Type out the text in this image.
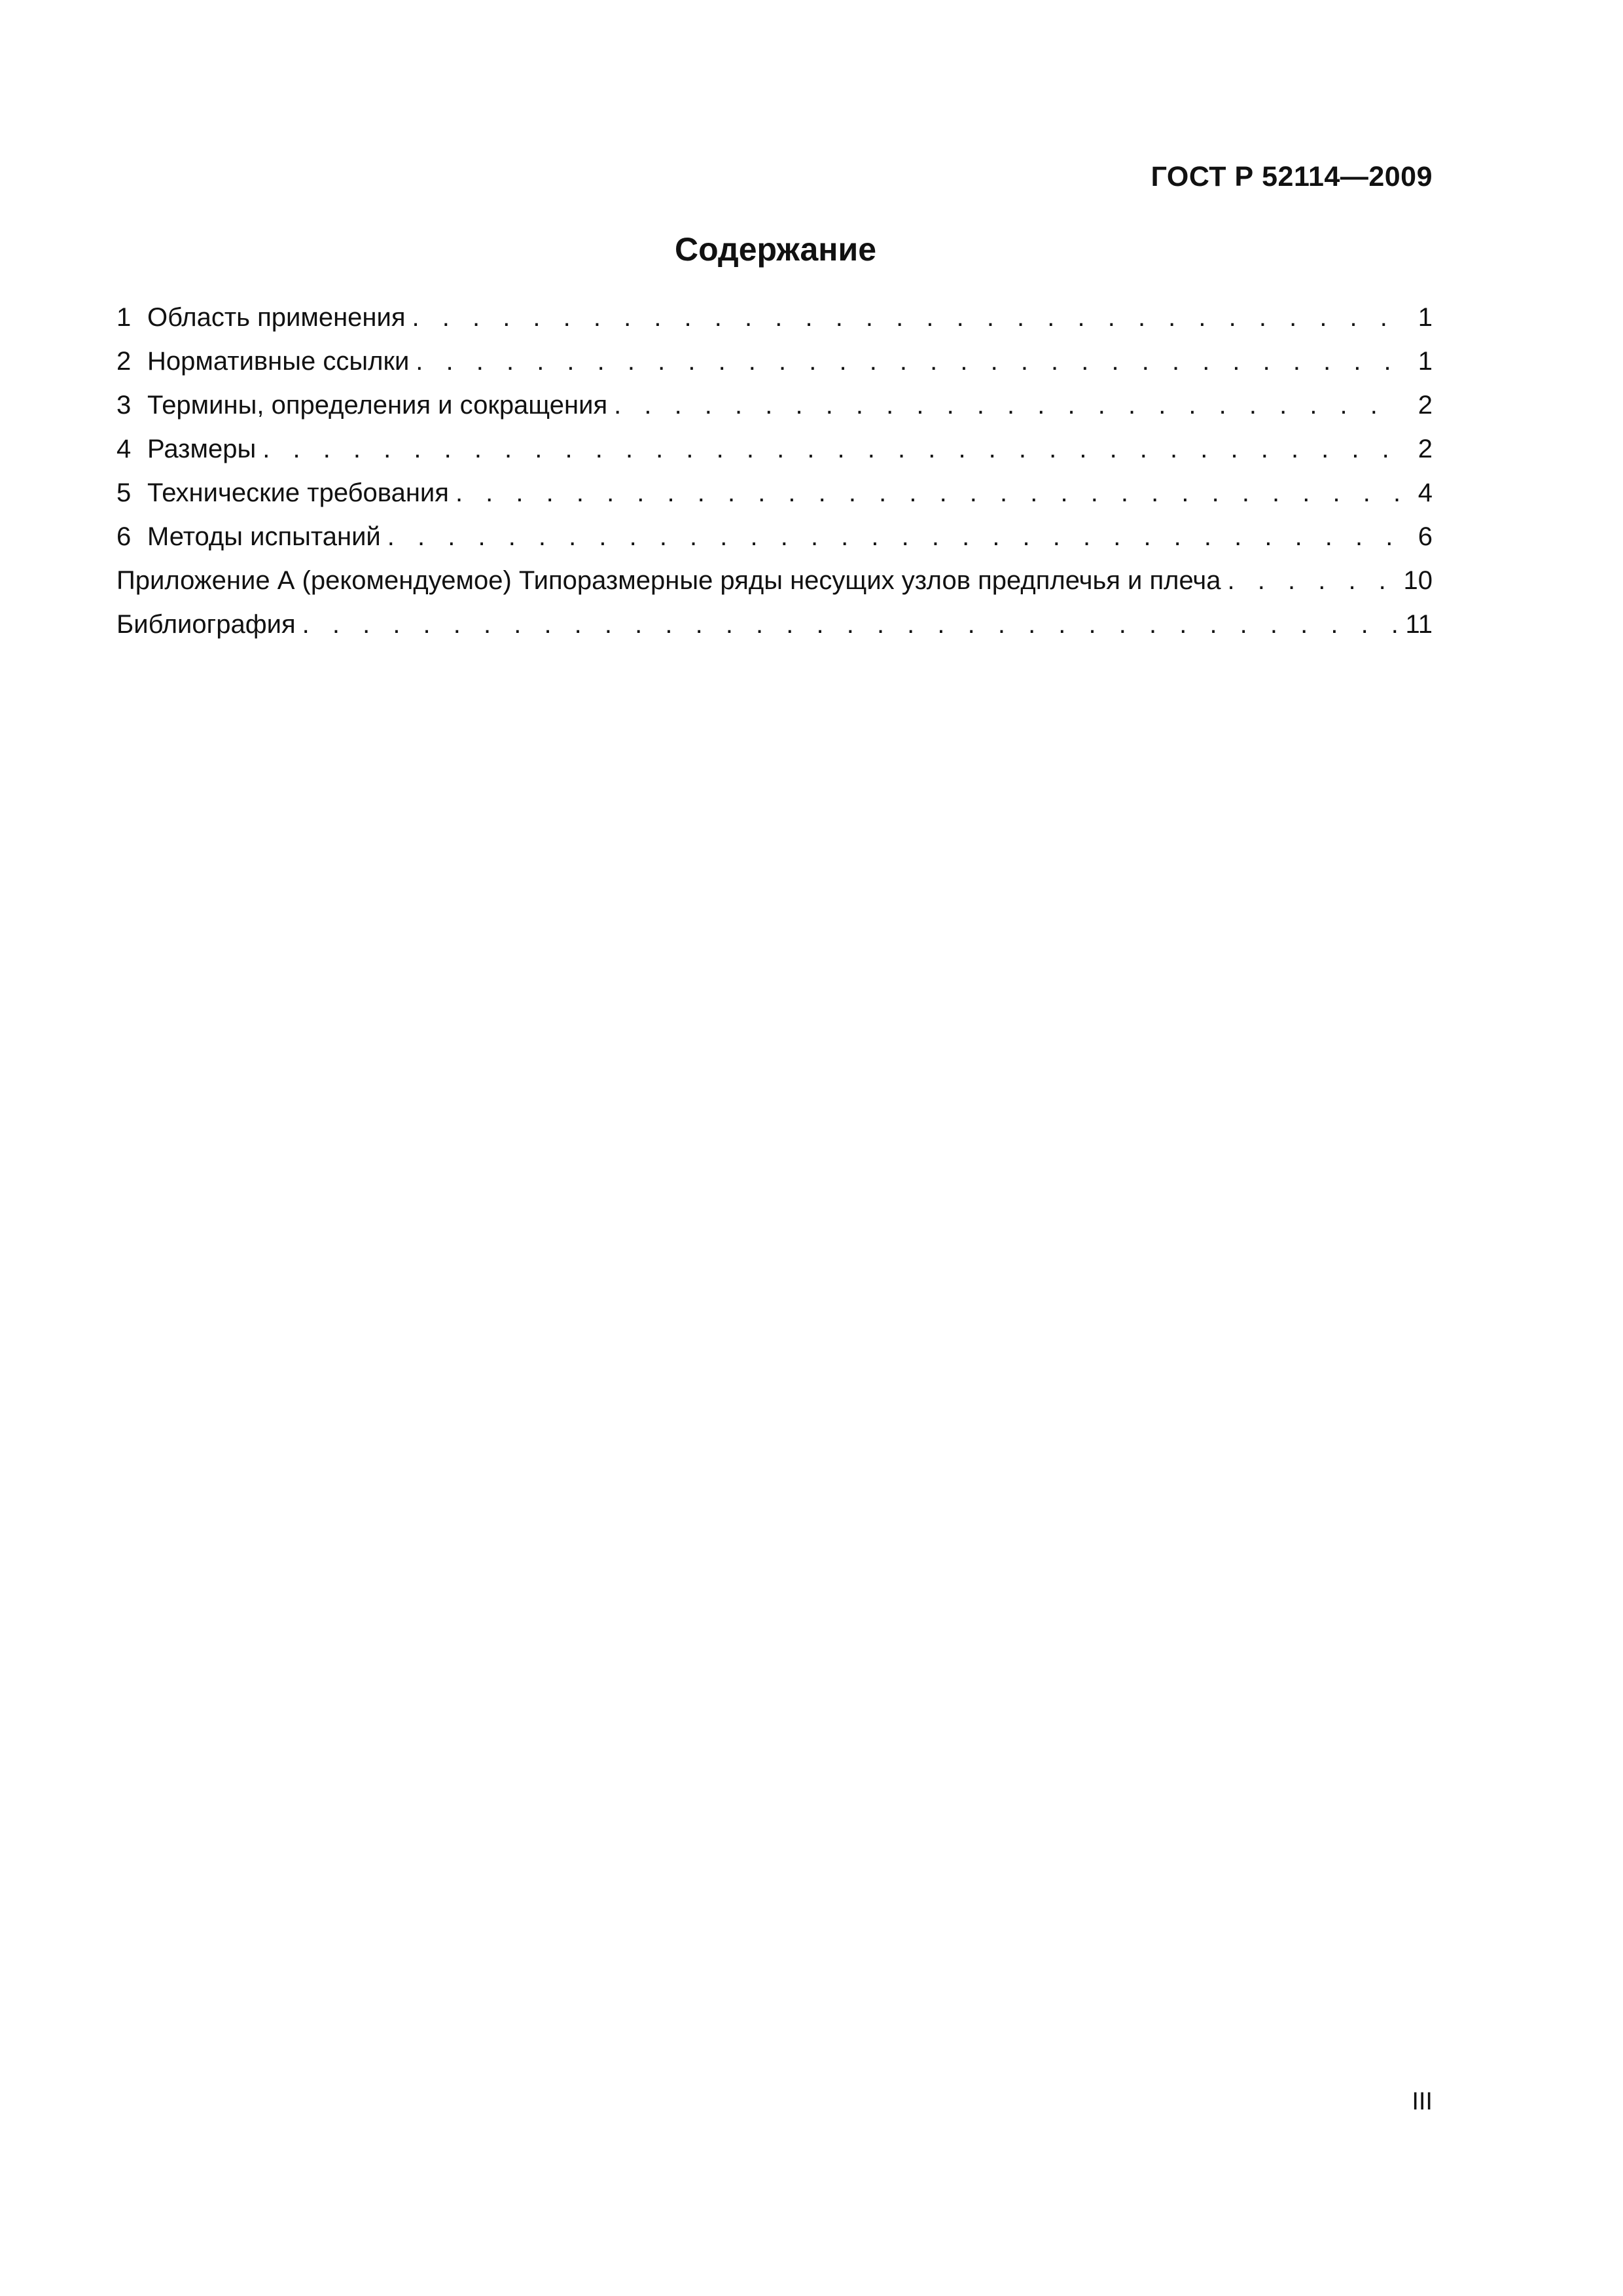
ГОСТ Р 52114—2009
Содержание
1 Область применения . . .	1
2 Нормативные ссылки . . .	1
3 Термины, определения и сокращения . . .	2
4 Размеры . . .	2
5 Технические требования . . .	4
6 Методы испытаний . . .	6
Приложение А (рекомендуемое) Типоразмерные ряды несущих узлов предплечья и плеча . . .	10
Библиография . . .	11
III
